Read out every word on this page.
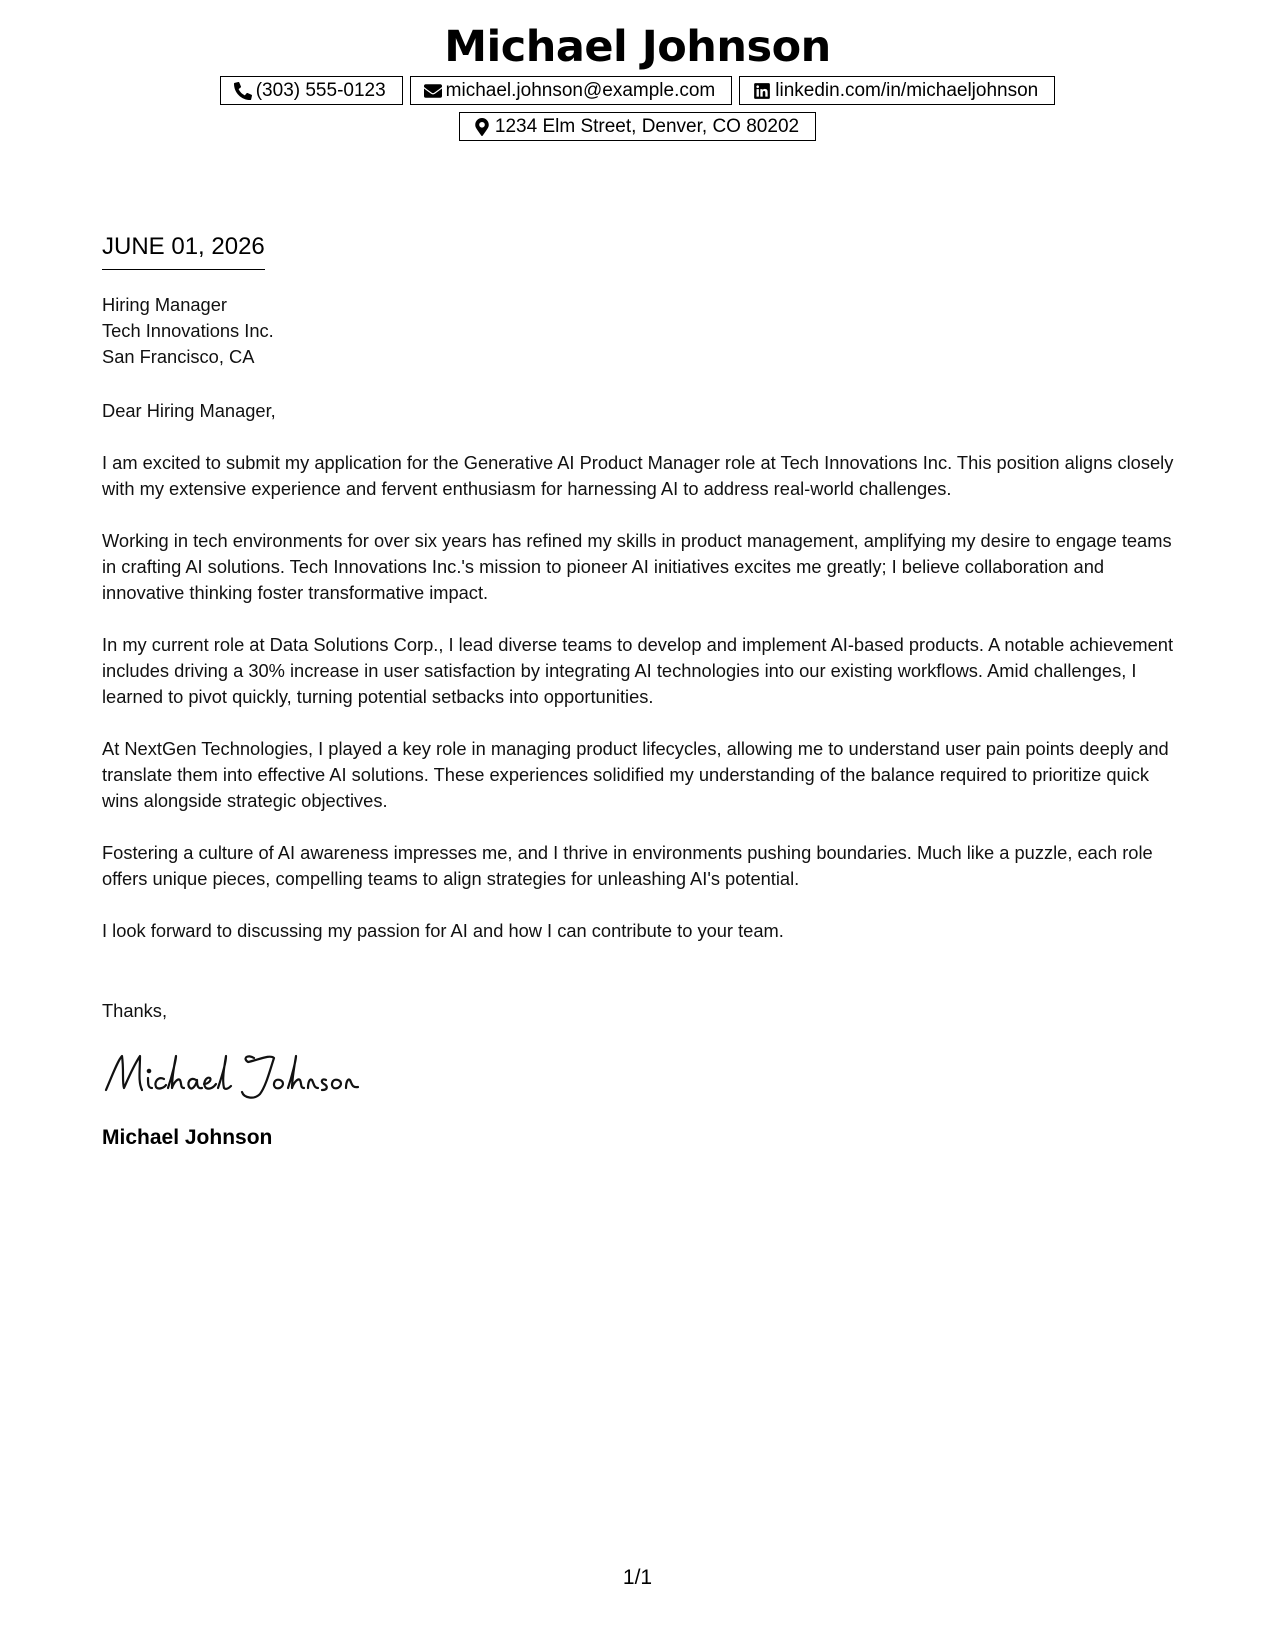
Michael Johnson
(303) 555-0123	michael.johnson@example.com	linkedin.com/in/michaeljohnson
1234 Elm Street, Denver, CO 80202
JUNE 01, 2026
Hiring Manager
Tech Innovations Inc.
San Francisco, CA
Dear Hiring Manager,

I am excited to submit my application for the Generative AI Product Manager role at Tech Innovations Inc. This position aligns closely with my extensive experience and fervent enthusiasm for harnessing AI to address real-world challenges.

Working in tech environments for over six years has refined my skills in product management, amplifying my desire to engage teams in crafting AI solutions. Tech Innovations Inc.'s mission to pioneer AI initiatives excites me greatly; I believe collaboration and innovative thinking foster transformative impact.

In my current role at Data Solutions Corp., I lead diverse teams to develop and implement AI-based products. A notable achievement includes driving a 30% increase in user satisfaction by integrating AI technologies into our existing workflows. Amid challenges, I learned to pivot quickly, turning potential setbacks into opportunities.

At NextGen Technologies, I played a key role in managing product lifecycles, allowing me to understand user pain points deeply and translate them into effective AI solutions. These experiences solidified my understanding of the balance required to prioritize quick wins alongside strategic objectives.

Fostering a culture of AI awareness impresses me, and I thrive in environments pushing boundaries. Much like a puzzle, each role offers unique pieces, compelling teams to align strategies for unleashing AI's potential.

I look forward to discussing my passion for AI and how I can contribute to your team.

Thanks,
Michael Johnson
1/1
